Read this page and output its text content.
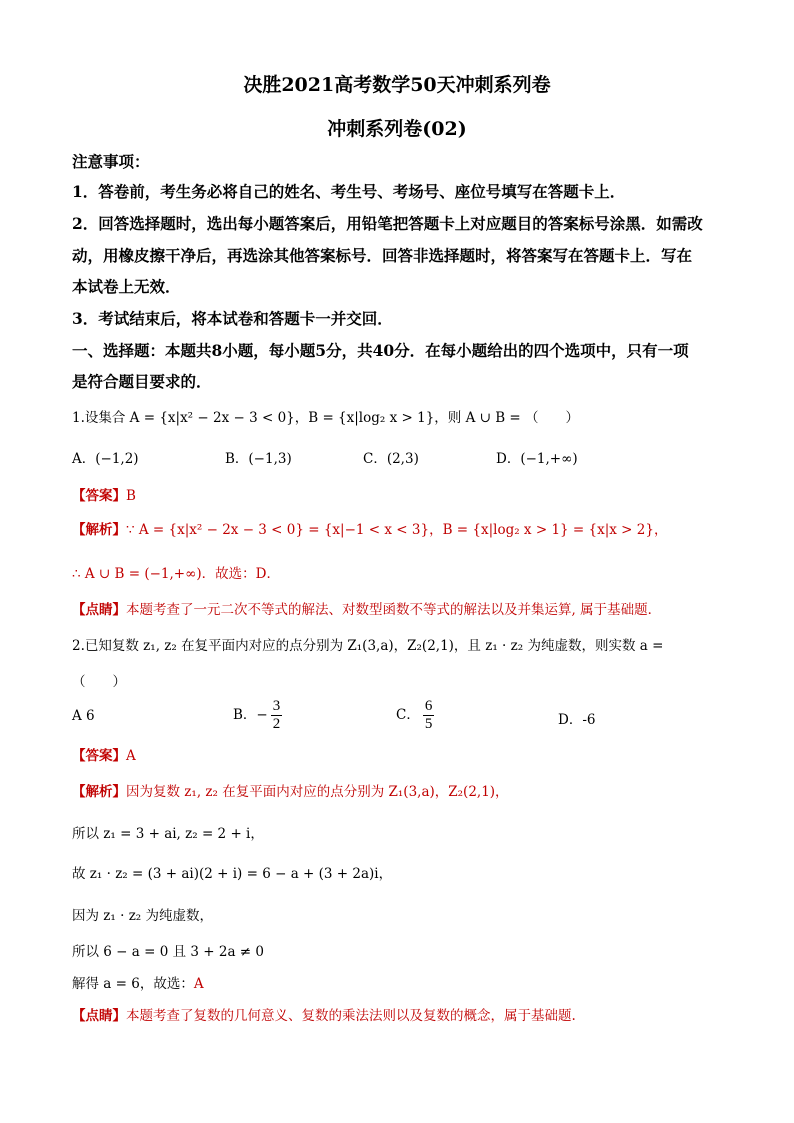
决胜2021高考数学50天冲刺系列卷
冲刺系列卷(02)
注意事项：
1．答卷前，考生务必将自己的姓名、考生号、考场号、座位号填写在答题卡上．
2．回答选择题时，选出每小题答案后，用铅笔把答题卡上对应题目的答案标号涂黑．如需改
动，用橡皮擦干净后，再选涂其他答案标号．回答非选择题时，将答案写在答题卡上．写在
本试卷上无效．
3．考试结束后，将本试卷和答题卡一并交回．
一、选择题：本题共8小题，每小题5分，共40分．在每小题给出的四个选项中，只有一项
是符合题目要求的．
1.设集合 A = {x|x² − 2x − 3 < 0}，B = {x|log₂ x > 1}，则 A ∪ B = （　　）
A．(−1,2)	B．(−1,3)	C．(2,3)	D．(−1,+∞)
【答案】B
【解析】∵ A = {x|x² − 2x − 3 < 0} = {x|−1 < x < 3}，B = {x|log₂ x > 1} = {x|x > 2}，
∴ A ∪ B = (−1,+∞)．故选：D．
【点睛】本题考查了一元二次不等式的解法、对数型函数不等式的解法以及并集运算, 属于基础题．
2.已知复数 z₁, z₂ 在复平面内对应的点分别为 Z₁(3,a)，Z₂(2,1)，且 z₁ · z₂ 为纯虚数，则实数 a =
（　　）
A 6	B．− $\frac{3}{2}$	C． $\frac{6}{5}$	D．-6
【答案】A
【解析】因为复数 z₁, z₂ 在复平面内对应的点分别为 Z₁(3,a)，Z₂(2,1)，
所以 z₁ = 3 + ai, z₂ = 2 + i，
故 z₁ · z₂ = (3 + ai)(2 + i) = 6 − a + (3 + 2a)i，
因为 z₁ · z₂ 为纯虚数，
所以 6 − a = 0 且 3 + 2a ≠ 0
解得 a = 6，故选：A
【点睛】本题考查了复数的几何意义、复数的乘法法则以及复数的概念，属于基础题.
